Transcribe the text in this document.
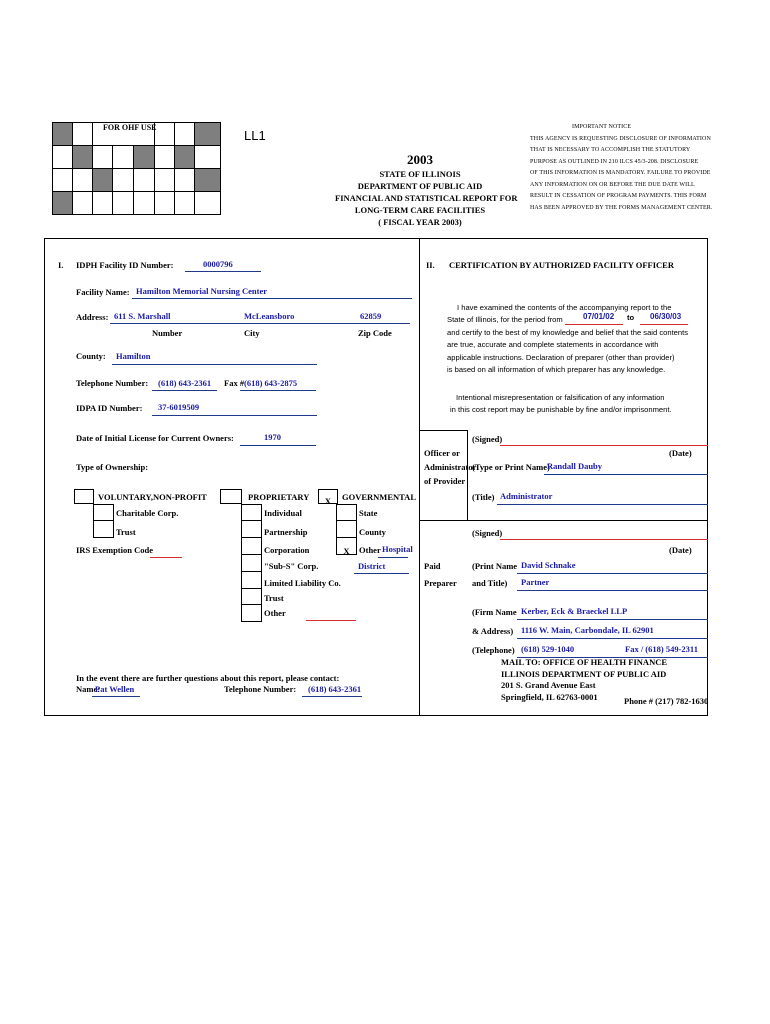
FOR OHF USE
LL1
2003
STATE OF ILLINOIS
DEPARTMENT OF PUBLIC AID
FINANCIAL AND STATISTICAL REPORT FOR
LONG-TERM CARE FACILITIES
( FISCAL YEAR 2003)
IMPORTANT NOTICE
THIS AGENCY IS REQUESTING DISCLOSURE OF INFORMATION
THAT IS NECESSARY TO ACCOMPLISH THE STATUTORY
PURPOSE AS OUTLINED IN 210 ILCS 45/3-208. DISCLOSURE
OF THIS INFORMATION IS MANDATORY. FAILURE TO PROVIDE
ANY INFORMATION ON OR BEFORE THE DUE DATE WILL
RESULT IN CESSATION OF PROGRAM PAYMENTS. THIS FORM
HAS BEEN APPROVED BY THE FORMS MANAGEMENT CENTER.
I. IDPH Facility ID Number:	0000796
Facility Name: Hamilton Memorial Nursing Center
Address: 611 S. Marshall	McLeansboro	62859
Number	City	Zip Code
County: Hamilton
Telephone Number: (618) 643-2361 Fax # (618) 643-2875
IDPA ID Number: 37-6019509
Date of Initial License for Current Owners:	1970
Type of Ownership:
VOLUNTARY,NON-PROFIT
Charitable Corp.
Trust
IRS Exemption Code
PROPRIETARY
Individual
Partnership
Corporation
"Sub-S" Corp.
Limited Liability Co.
Trust
Other
X	GOVERNMENTAL
State
County
X	Other Hospital
District
In the event there are further questions about this report, please contact:
Name:
Pat Wellen	Telephone Number: (618) 643-2361
II. CERTIFICATION BY AUTHORIZED FACILITY OFFICER
I have examined the contents of the accompanying report to the
State of Illinois, for the period from
and certify to the best of my knowledge and belief that the said contents
are true, accurate and complete statements in accordance with
applicable instructions. Declaration of preparer (other than provider)
is based on all information of which preparer has any knowledge.
07/01/02 to 06/30/03
Intentional misrepresentation or falsification of any information
in this cost report may be punishable by fine and/or imprisonment.
(Signed)
Officer or	(Date)
Administrator
(Type or Print Name)
Randall Dauby
of Provider
(Title) Administrator
(Signed)
(Date)
Paid	(Print Name David Schnake
Preparer and Title) Partner
(Firm Name Kerber, Eck & Braeckel LLP
& Address) 1116 W. Main, Carbondale, IL 62901
(Telephone) (618) 529-1040	Fax / (618) 549-2311
MAIL TO: OFFICE OF HEALTH FINANCE
ILLINOIS DEPARTMENT OF PUBLIC AID
201 S. Grand Avenue East
Springfield, IL 62763-0001	Phone # (217) 782-1630
